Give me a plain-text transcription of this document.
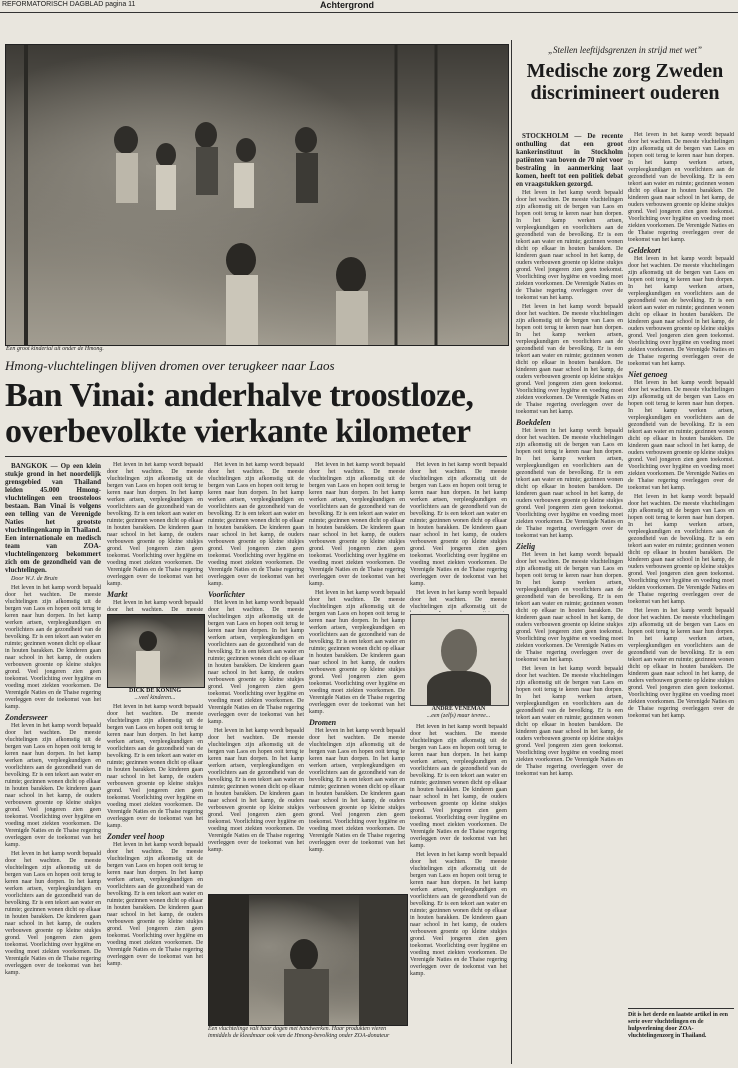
REFORMATORISCH DAGBLAD pagina 11	Achtergrond
Een groot kinderial uit onder de Hmong.
Hmong-vluchtelingen blijven dromen over terugkeer naar Laos
Ban Vinai: anderhalve troostloze,
overbevolkte vierkante kilometer

BANGKOK — Op een klein stukje grond in het noordelijk grensgebied van Thailand leiden 45.000 Hmong-vluchtelingen een troosteloos bestaan. Ban Vinai is volgens een telling van de Verenigde Naties het grootste vluchtelingenkamp in Thailand. Een internationale en medisch team van ZOA-vluchtelingenzorg bekommert zich om de gezondheid van de vluchtelingen.

Door W.J. de Bruin

Het leven in het kamp wordt bepaald door het wachten. De meeste vluchtelingen zijn afkomstig uit de bergen van Laos en hopen ooit terug te keren naar hun dorpen. In het kamp werken artsen, verpleegkundigen en voorlichters aan de gezondheid van de bevolking. Er is een tekort aan water en ruimte; gezinnen wonen dicht op elkaar in houten barakken. De kinderen gaan naar school in het kamp, de ouders verbouwen groente op kleine stukjes grond. Veel jongeren zien geen toekomst. Voorlichting over hygiëne en voeding moet ziekten voorkomen. De Verenigde Naties en de Thaise regering overleggen over de toekomst van het kamp.

Zondersweer

Het leven in het kamp wordt bepaald door het wachten. De meeste vluchtelingen zijn afkomstig uit de bergen van Laos en hopen ooit terug te keren naar hun dorpen. In het kamp werken artsen, verpleegkundigen en voorlichters aan de gezondheid van de bevolking. Er is een tekort aan water en ruimte; gezinnen wonen dicht op elkaar in houten barakken. De kinderen gaan naar school in het kamp, de ouders verbouwen groente op kleine stukjes grond. Veel jongeren zien geen toekomst. Voorlichting over hygiëne en voeding moet ziekten voorkomen. De Verenigde Naties en de Thaise regering overleggen over de toekomst van het kamp.

Het leven in het kamp wordt bepaald door het wachten. De meeste vluchtelingen zijn afkomstig uit de bergen van Laos en hopen ooit terug te keren naar hun dorpen. In het kamp werken artsen, verpleegkundigen en voorlichters aan de gezondheid van de bevolking. Er is een tekort aan water en ruimte; gezinnen wonen dicht op elkaar in houten barakken. De kinderen gaan naar school in het kamp, de ouders verbouwen groente op kleine stukjes grond. Veel jongeren zien geen toekomst. Voorlichting over hygiëne en voeding moet ziekten voorkomen. De Verenigde Naties en de Thaise regering overleggen over de toekomst van het kamp.

Het leven in het kamp wordt bepaald door het wachten. De meeste vluchtelingen zijn afkomstig uit de bergen van Laos en hopen ooit terug te keren naar hun dorpen. In het kamp werken artsen, verpleegkundigen en voorlichters aan de gezondheid van de bevolking. Er is een tekort aan water en ruimte; gezinnen wonen dicht op elkaar in houten barakken. De kinderen gaan naar school in het kamp, de ouders verbouwen groente op kleine stukjes grond. Veel jongeren zien geen toekomst. Voorlichting over hygiëne en voeding moet ziekten voorkomen. De Verenigde Naties en de Thaise regering overleggen over de toekomst van het kamp.

Markt

Het leven in het kamp wordt bepaald door het wachten. De meeste

DICK DE KONING
...veel kinderen...

Het leven in het kamp wordt bepaald door het wachten. De meeste vluchtelingen zijn afkomstig uit de bergen van Laos en hopen ooit terug te keren naar hun dorpen. In het kamp werken artsen, verpleegkundigen en voorlichters aan de gezondheid van de bevolking. Er is een tekort aan water en ruimte; gezinnen wonen dicht op elkaar in houten barakken. De kinderen gaan naar school in het kamp, de ouders verbouwen groente op kleine stukjes grond. Veel jongeren zien geen toekomst. Voorlichting over hygiëne en voeding moet ziekten voorkomen. De Verenigde Naties en de Thaise regering overleggen over de toekomst van het kamp.

Zonder veel hoop

Het leven in het kamp wordt bepaald door het wachten. De meeste vluchtelingen zijn afkomstig uit de bergen van Laos en hopen ooit terug te keren naar hun dorpen. In het kamp werken artsen, verpleegkundigen en voorlichters aan de gezondheid van de bevolking. Er is een tekort aan water en ruimte; gezinnen wonen dicht op elkaar in houten barakken. De kinderen gaan naar school in het kamp, de ouders verbouwen groente op kleine stukjes grond. Veel jongeren zien geen toekomst. Voorlichting over hygiëne en voeding moet ziekten voorkomen. De Verenigde Naties en de Thaise regering overleggen over de toekomst van het kamp.

Het leven in het kamp wordt bepaald door het wachten. De meeste vluchtelingen zijn afkomstig uit de bergen van Laos en hopen ooit terug te keren naar hun dorpen. In het kamp werken artsen, verpleegkundigen en voorlichters aan de gezondheid van de bevolking. Er is een tekort aan water en ruimte; gezinnen wonen dicht op elkaar in houten barakken. De kinderen gaan naar school in het kamp, de ouders verbouwen groente op kleine stukjes grond. Veel jongeren zien geen toekomst. Voorlichting over hygiëne en voeding moet ziekten voorkomen. De Verenigde Naties en de Thaise regering overleggen over de toekomst van het kamp.

Voorlichter

Het leven in het kamp wordt bepaald door het wachten. De meeste vluchtelingen zijn afkomstig uit de bergen van Laos en hopen ooit terug te keren naar hun dorpen. In het kamp werken artsen, verpleegkundigen en voorlichters aan de gezondheid van de bevolking. Er is een tekort aan water en ruimte; gezinnen wonen dicht op elkaar in houten barakken. De kinderen gaan naar school in het kamp, de ouders verbouwen groente op kleine stukjes grond. Veel jongeren zien geen toekomst. Voorlichting over hygiëne en voeding moet ziekten voorkomen. De Verenigde Naties en de Thaise regering overleggen over de toekomst van het kamp.

Het leven in het kamp wordt bepaald door het wachten. De meeste vluchtelingen zijn afkomstig uit de bergen van Laos en hopen ooit terug te keren naar hun dorpen. In het kamp werken artsen, verpleegkundigen en voorlichters aan de gezondheid van de bevolking. Er is een tekort aan water en ruimte; gezinnen wonen dicht op elkaar in houten barakken. De kinderen gaan naar school in het kamp, de ouders verbouwen groente op kleine stukjes grond. Veel jongeren zien geen toekomst. Voorlichting over hygiëne en voeding moet ziekten voorkomen. De Verenigde Naties en de Thaise regering overleggen over de toekomst van het kamp.

Het leven in het kamp wordt bepaald door het wachten. De meeste vluchtelingen zijn afkomstig uit de bergen van Laos en hopen ooit terug te keren naar hun dorpen. In het kamp werken artsen, verpleegkundigen en voorlichters aan de gezondheid van de bevolking. Er is een tekort aan water en ruimte; gezinnen wonen dicht op elkaar in houten barakken. De kinderen gaan naar school in het kamp, de ouders verbouwen groente op kleine stukjes grond. Veel jongeren zien geen toekomst. Voorlichting over hygiëne en voeding moet ziekten voorkomen. De Verenigde Naties en de Thaise regering overleggen over de toekomst van het kamp.

Het leven in het kamp wordt bepaald door het wachten. De meeste vluchtelingen zijn afkomstig uit de bergen van Laos en hopen ooit terug te keren naar hun dorpen. In het kamp werken artsen, verpleegkundigen en voorlichters aan de gezondheid van de bevolking. Er is een tekort aan water en ruimte; gezinnen wonen dicht op elkaar in houten barakken. De kinderen gaan naar school in het kamp, de ouders verbouwen groente op kleine stukjes grond. Veel jongeren zien geen toekomst. Voorlichting over hygiëne en voeding moet ziekten voorkomen. De Verenigde Naties en de Thaise regering overleggen over de toekomst van het kamp.

Dromen

Het leven in het kamp wordt bepaald door het wachten. De meeste vluchtelingen zijn afkomstig uit de bergen van Laos en hopen ooit terug te keren naar hun dorpen. In het kamp werken artsen, verpleegkundigen en voorlichters aan de gezondheid van de bevolking. Er is een tekort aan water en ruimte; gezinnen wonen dicht op elkaar in houten barakken. De kinderen gaan naar school in het kamp, de ouders verbouwen groente op kleine stukjes grond. Veel jongeren zien geen toekomst. Voorlichting over hygiëne en voeding moet ziekten voorkomen. De Verenigde Naties en de Thaise regering overleggen over de toekomst van het kamp.

Het leven in het kamp wordt bepaald door het wachten. De meeste vluchtelingen zijn afkomstig uit de bergen van Laos en hopen ooit terug te keren naar hun dorpen. In het kamp werken artsen, verpleegkundigen en voorlichters aan de gezondheid van de bevolking. Er is een tekort aan water en ruimte; gezinnen wonen dicht op elkaar in houten barakken. De kinderen gaan naar school in het kamp, de ouders verbouwen groente op kleine stukjes grond. Veel jongeren zien geen toekomst. Voorlichting over hygiëne en voeding moet ziekten voorkomen. De Verenigde Naties en de Thaise regering overleggen over de toekomst van het kamp.

Het leven in het kamp wordt bepaald door het wachten. De meeste vluchtelingen zijn afkomstig uit de

ANDRÉ VENEMAN
...een (zelfs) maar tevree...

Het leven in het kamp wordt bepaald door het wachten. De meeste vluchtelingen zijn afkomstig uit de bergen van Laos en hopen ooit terug te keren naar hun dorpen. In het kamp werken artsen, verpleegkundigen en voorlichters aan de gezondheid van de bevolking. Er is een tekort aan water en ruimte; gezinnen wonen dicht op elkaar in houten barakken. De kinderen gaan naar school in het kamp, de ouders verbouwen groente op kleine stukjes grond. Veel jongeren zien geen toekomst. Voorlichting over hygiëne en voeding moet ziekten voorkomen. De Verenigde Naties en de Thaise regering overleggen over de toekomst van het kamp.

Het leven in het kamp wordt bepaald door het wachten. De meeste vluchtelingen zijn afkomstig uit de bergen van Laos en hopen ooit terug te keren naar hun dorpen. In het kamp werken artsen, verpleegkundigen en voorlichters aan de gezondheid van de bevolking. Er is een tekort aan water en ruimte; gezinnen wonen dicht op elkaar in houten barakken. De kinderen gaan naar school in het kamp, de ouders verbouwen groente op kleine stukjes grond. Veel jongeren zien geen toekomst. Voorlichting over hygiëne en voeding moet ziekten voorkomen. De Verenigde Naties en de Thaise regering overleggen over de toekomst van het kamp.

Een vluchtelinge valt haar dagen met handwerken. Haar produkten vieren inmiddels de kleedmaar ook van de Hmong-bevolking onder ZOA-donateur
„Stellen leeftijdsgrenzen in strijd met wet”
Medische zorg Zweden discrimineert ouderen

STOCKHOLM — De recente onthulling dat een groot kankerinstituut in Stockholm patiënten van boven de 70 niet voor bestraling in aanmerking laat komen, heeft tot een politiek debat en vraagstukken gezorgd.

Het leven in het kamp wordt bepaald door het wachten. De meeste vluchtelingen zijn afkomstig uit de bergen van Laos en hopen ooit terug te keren naar hun dorpen. In het kamp werken artsen, verpleegkundigen en voorlichters aan de gezondheid van de bevolking. Er is een tekort aan water en ruimte; gezinnen wonen dicht op elkaar in houten barakken. De kinderen gaan naar school in het kamp, de ouders verbouwen groente op kleine stukjes grond. Veel jongeren zien geen toekomst. Voorlichting over hygiëne en voeding moet ziekten voorkomen. De Verenigde Naties en de Thaise regering overleggen over de toekomst van het kamp.

Het leven in het kamp wordt bepaald door het wachten. De meeste vluchtelingen zijn afkomstig uit de bergen van Laos en hopen ooit terug te keren naar hun dorpen. In het kamp werken artsen, verpleegkundigen en voorlichters aan de gezondheid van de bevolking. Er is een tekort aan water en ruimte; gezinnen wonen dicht op elkaar in houten barakken. De kinderen gaan naar school in het kamp, de ouders verbouwen groente op kleine stukjes grond. Veel jongeren zien geen toekomst. Voorlichting over hygiëne en voeding moet ziekten voorkomen. De Verenigde Naties en de Thaise regering overleggen over de toekomst van het kamp.

Boekdelen

Het leven in het kamp wordt bepaald door het wachten. De meeste vluchtelingen zijn afkomstig uit de bergen van Laos en hopen ooit terug te keren naar hun dorpen. In het kamp werken artsen, verpleegkundigen en voorlichters aan de gezondheid van de bevolking. Er is een tekort aan water en ruimte; gezinnen wonen dicht op elkaar in houten barakken. De kinderen gaan naar school in het kamp, de ouders verbouwen groente op kleine stukjes grond. Veel jongeren zien geen toekomst. Voorlichting over hygiëne en voeding moet ziekten voorkomen. De Verenigde Naties en de Thaise regering overleggen over de toekomst van het kamp.

Zielig

Het leven in het kamp wordt bepaald door het wachten. De meeste vluchtelingen zijn afkomstig uit de bergen van Laos en hopen ooit terug te keren naar hun dorpen. In het kamp werken artsen, verpleegkundigen en voorlichters aan de gezondheid van de bevolking. Er is een tekort aan water en ruimte; gezinnen wonen dicht op elkaar in houten barakken. De kinderen gaan naar school in het kamp, de ouders verbouwen groente op kleine stukjes grond. Veel jongeren zien geen toekomst. Voorlichting over hygiëne en voeding moet ziekten voorkomen. De Verenigde Naties en de Thaise regering overleggen over de toekomst van het kamp.

Het leven in het kamp wordt bepaald door het wachten. De meeste vluchtelingen zijn afkomstig uit de bergen van Laos en hopen ooit terug te keren naar hun dorpen. In het kamp werken artsen, verpleegkundigen en voorlichters aan de gezondheid van de bevolking. Er is een tekort aan water en ruimte; gezinnen wonen dicht op elkaar in houten barakken. De kinderen gaan naar school in het kamp, de ouders verbouwen groente op kleine stukjes grond. Veel jongeren zien geen toekomst. Voorlichting over hygiëne en voeding moet ziekten voorkomen. De Verenigde Naties en de Thaise regering overleggen over de toekomst van het kamp.

Het leven in het kamp wordt bepaald door het wachten. De meeste vluchtelingen zijn afkomstig uit de bergen van Laos en hopen ooit terug te keren naar hun dorpen. In het kamp werken artsen, verpleegkundigen en voorlichters aan de gezondheid van de bevolking. Er is een tekort aan water en ruimte; gezinnen wonen dicht op elkaar in houten barakken. De kinderen gaan naar school in het kamp, de ouders verbouwen groente op kleine stukjes grond. Veel jongeren zien geen toekomst. Voorlichting over hygiëne en voeding moet ziekten voorkomen. De Verenigde Naties en de Thaise regering overleggen over de toekomst van het kamp.

Geldekort

Het leven in het kamp wordt bepaald door het wachten. De meeste vluchtelingen zijn afkomstig uit de bergen van Laos en hopen ooit terug te keren naar hun dorpen. In het kamp werken artsen, verpleegkundigen en voorlichters aan de gezondheid van de bevolking. Er is een tekort aan water en ruimte; gezinnen wonen dicht op elkaar in houten barakken. De kinderen gaan naar school in het kamp, de ouders verbouwen groente op kleine stukjes grond. Veel jongeren zien geen toekomst. Voorlichting over hygiëne en voeding moet ziekten voorkomen. De Verenigde Naties en de Thaise regering overleggen over de toekomst van het kamp.

Niet genoeg

Het leven in het kamp wordt bepaald door het wachten. De meeste vluchtelingen zijn afkomstig uit de bergen van Laos en hopen ooit terug te keren naar hun dorpen. In het kamp werken artsen, verpleegkundigen en voorlichters aan de gezondheid van de bevolking. Er is een tekort aan water en ruimte; gezinnen wonen dicht op elkaar in houten barakken. De kinderen gaan naar school in het kamp, de ouders verbouwen groente op kleine stukjes grond. Veel jongeren zien geen toekomst. Voorlichting over hygiëne en voeding moet ziekten voorkomen. De Verenigde Naties en de Thaise regering overleggen over de toekomst van het kamp.

Het leven in het kamp wordt bepaald door het wachten. De meeste vluchtelingen zijn afkomstig uit de bergen van Laos en hopen ooit terug te keren naar hun dorpen. In het kamp werken artsen, verpleegkundigen en voorlichters aan de gezondheid van de bevolking. Er is een tekort aan water en ruimte; gezinnen wonen dicht op elkaar in houten barakken. De kinderen gaan naar school in het kamp, de ouders verbouwen groente op kleine stukjes grond. Veel jongeren zien geen toekomst. Voorlichting over hygiëne en voeding moet ziekten voorkomen. De Verenigde Naties en de Thaise regering overleggen over de toekomst van het kamp.

Het leven in het kamp wordt bepaald door het wachten. De meeste vluchtelingen zijn afkomstig uit de bergen van Laos en hopen ooit terug te keren naar hun dorpen. In het kamp werken artsen, verpleegkundigen en voorlichters aan de gezondheid van de bevolking. Er is een tekort aan water en ruimte; gezinnen wonen dicht op elkaar in houten barakken. De kinderen gaan naar school in het kamp, de ouders verbouwen groente op kleine stukjes grond. Veel jongeren zien geen toekomst. Voorlichting over hygiëne en voeding moet ziekten voorkomen. De Verenigde Naties en de Thaise regering overleggen over de toekomst van het kamp.

Dit is het derde en laatste artikel in een serie over vluchtelingen en de hulpverlening door ZOA-vluchtelingenzorg in Thailand.
